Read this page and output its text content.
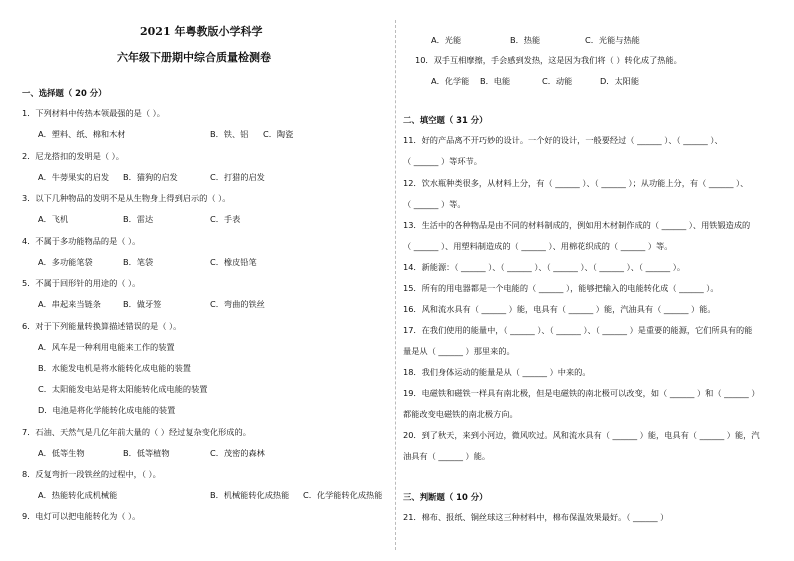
2021 年粤教版小学科学
六年级下册期中综合质量检测卷
一、选择题（ 20 分）
1．下列材料中传热本领最强的是（ ）。
A．塑料、纸、棉和木材	B．铁、铝 C．陶瓷
2．尼龙搭扣的发明是（ ）。
A．牛蒡果实的启发 B．猫狗的启发	C．打猎的启发
3．以下几种物品的发明不是从生物身上得到启示的（ ）。
A．飞机	B．雷达	C．手表
4．不属于多功能物品的是（ ）。
A．多功能笔袋	B．笔袋	C．橡皮铅笔
5．不属于回形针的用途的（ ）。
A．串起来当链条	B．做牙签	C．弯曲的铁丝
6．对于下列能量转换算描述错误的是（ ）。
A．风车是一种利用电能来工作的装置
B．水能发电机是将水能转化成电能的装置
C．太阳能发电站是将太阳能转化成电能的装置
D．电池是将化学能转化成电能的装置
7．石油、天然气是几亿年前大量的（ ）经过复杂变化形成的。
A．低等生物	B．低等植物	C．茂密的森林
8．反复弯折一段铁丝的过程中，（ ）。
A．热能转化成机械能	B．机械能转化成热能 C．化学能转化成热能
9．电灯可以把电能转化为（ ）。
A．光能	B．热能	C．光能与热能
10．双手互相摩擦，手会感到发热，这是因为我们将（ ）转化成了热能。
A．化学能 B．电能	C．动能	D．太阳能
二、填空题（ 31 分）
11．好的产品离不开巧妙的设计。一个好的设计，一般要经过（ ______ ）、（ ______ ）、
（ ______ ）等环节。
12．饮水瓶种类很多，从材料上分，有（ ______ ）、（ ______ ）；从功能上分，有（ ______ ）、
（ ______ ）等。
13．生活中的各种物品是由不同的材料制成的，例如用木材制作成的（ ______ ）、用铁锻造成的
（ ______ ）、用塑料制造成的（ ______ ）、用棉花织成的（ ______ ）等。
14．新能源：（ ______ ）、（ ______ ）、（ ______ ）、（ ______ ）、（ ______ ）。
15．所有的用电器都是一个电能的（ ______ ），能够把输入的电能转化成（ ______ ）。
16．风和流水具有（ ______ ）能，电具有（ ______ ）能，汽油具有（ ______ ）能。
17．在我们使用的能量中，（ ______ ）、（ ______ ）、（ ______ ）是重要的能源，它们所具有的能
量是从（ ______ ）那里来的。
18．我们身体运动的能量是从（ ______ ）中来的。
19．电磁铁和磁铁一样具有南北极，但是电磁铁的南北极可以改变，如（ ______ ）和（ ______ ）
都能改变电磁铁的南北极方向。
20．到了秋天，来到小河边，微风吹过。风和流水具有（ ______ ）能，电具有（ ______ ）能，汽
油具有（ ______ ）能。
三、判断题（ 10 分）
21．棉布、报纸、铜丝球这三种材料中，棉布保温效果最好。（ ______ ）
